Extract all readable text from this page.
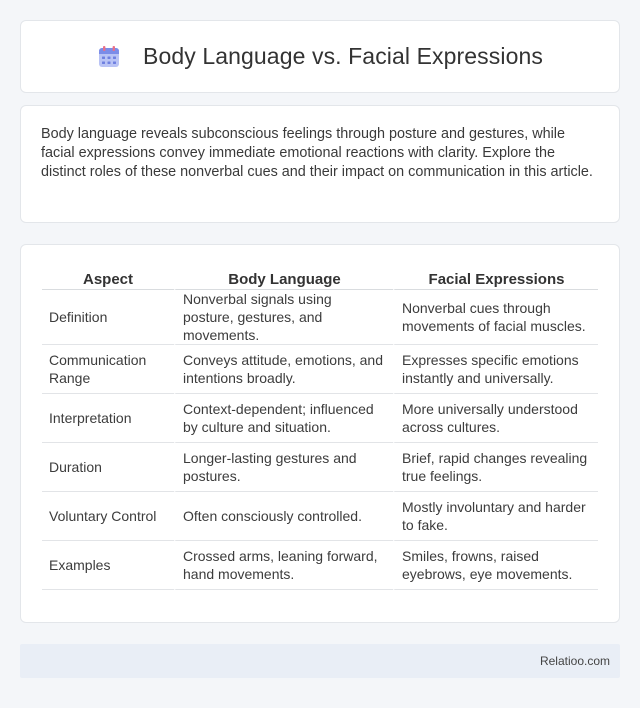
Body Language vs. Facial Expressions

Body language reveals subconscious feelings through posture and gestures, while facial expressions convey immediate emotional reactions with clarity. Explore the distinct roles of these nonverbal cues and their impact on communication in this article.

Aspect	Body Language	Facial Expressions
Definition	Nonverbal signals using posture, gestures, and movements.	Nonverbal cues through movements of facial muscles.
Communication Range	Conveys attitude, emotions, and intentions broadly.	Expresses specific emotions instantly and universally.
Interpretation	Context-dependent; influenced by culture and situation.	More universally understood across cultures.
Duration	Longer-lasting gestures and postures.	Brief, rapid changes revealing true feelings.
Voluntary Control	Often consciously controlled.	Mostly involuntary and harder to fake.
Examples	Crossed arms, leaning forward, hand movements.	Smiles, frowns, raised eyebrows, eye movements.
Relatioo.com
